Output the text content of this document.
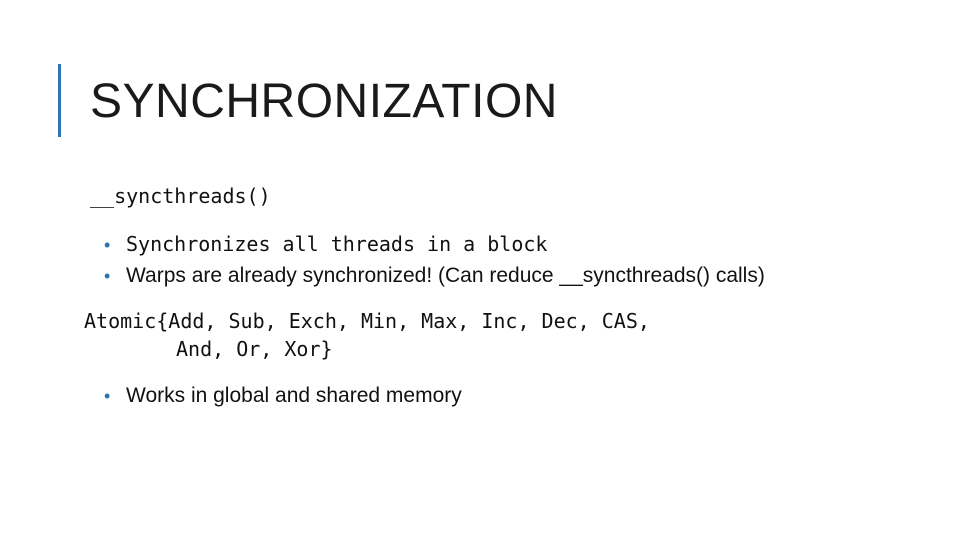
SYNCHRONIZATION
__syncthreads()

• Synchronizes all threads in a block

• Warps are already synchronized! (Can reduce __syncthreads() calls)

Atomic{Add, Sub, Exch, Min, Max, Inc, Dec, CAS,
And, Or, Xor}

• Works in global and shared memory
